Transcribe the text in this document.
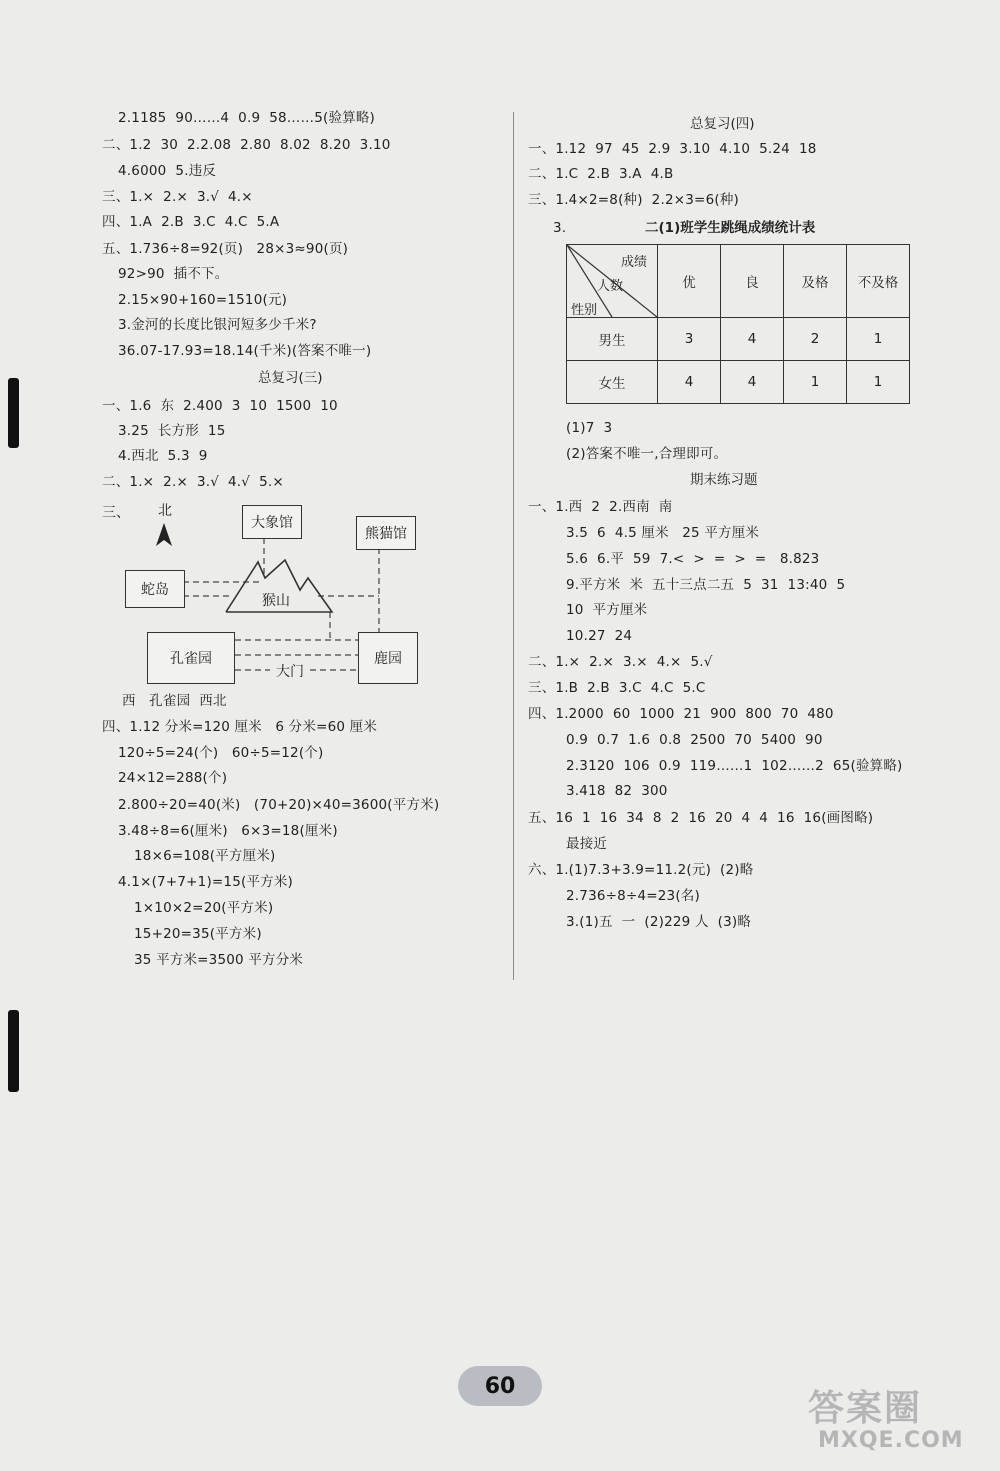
2.1185  90……4  0.9  58……5(验算略)
二、1.2  30  2.2.08  2.80  8.02  8.20  3.10
4.6000  5.违反
三、1.×  2.×  3.√  4.×
四、1.A  2.B  3.C  4.C  5.A
五、1.736÷8=92(页)   28×3≈90(页)
92>90  插不下。
2.15×90+160=1510(元)
3.金河的长度比银河短多少千米?
36.07-17.93=18.14(千米)(答案不唯一)
总复习(三)
一、1.6  东  2.400  3  10  1500  10
3.25  长方形  15
4.西北  5.3  9
二、1.×  2.×  3.√  4.√  5.×
三、 北
大象馆
熊猫馆
蛇岛
猴山
孔雀园	鹿园
大门
西   孔雀园  西北
四、1.12 分米=120 厘米   6 分米=60 厘米
120÷5=24(个)   60÷5=12(个)
24×12=288(个)
2.800÷20=40(米)   (70+20)×40=3600(平方米)
3.48÷8=6(厘米)   6×3=18(厘米)
18×6=108(平方厘米)
4.1×(7+7+1)=15(平方米)
1×10×2=20(平方米)
15+20=35(平方米)
35 平方米=3500 平方分米
总复习(四)
一、1.12  97  45  2.9  3.10  4.10  5.24  18
二、1.C  2.B  3.A  4.B
三、1.4×2=8(种)  2.2×3=6(种)
3.	二(1)班学生跳绳成绩统计表
成绩
人数
性别	优	良	及格	不及格
男生	3	4	2	1
女生	4	4	1	1
(1)7  3
(2)答案不唯一,合理即可。
期末练习题
一、1.西  2  2.西南  南
3.5  6  4.5 厘米   25 平方厘米
5.6  6.平  59  7.<  >  =  >  =   8.823
9.平方米  米  五十三点二五  5  31  13:40  5
10  平方厘米
10.27  24
二、1.×  2.×  3.×  4.×  5.√
三、1.B  2.B  3.C  4.C  5.C
四、1.2000  60  1000  21  900  800  70  480
0.9  0.7  1.6  0.8  2500  70  5400  90
2.3120  106  0.9  119……1  102……2  65(验算略)
3.418  82  300
五、16  1  16  34  8  2  16  20  4  4  16  16(画图略)
最接近
六、1.(1)7.3+3.9=11.2(元)  (2)略
2.736÷8÷4=23(名)
3.(1)五  一  (2)229 人  (3)略
60
答案圈
MXQE.COM
